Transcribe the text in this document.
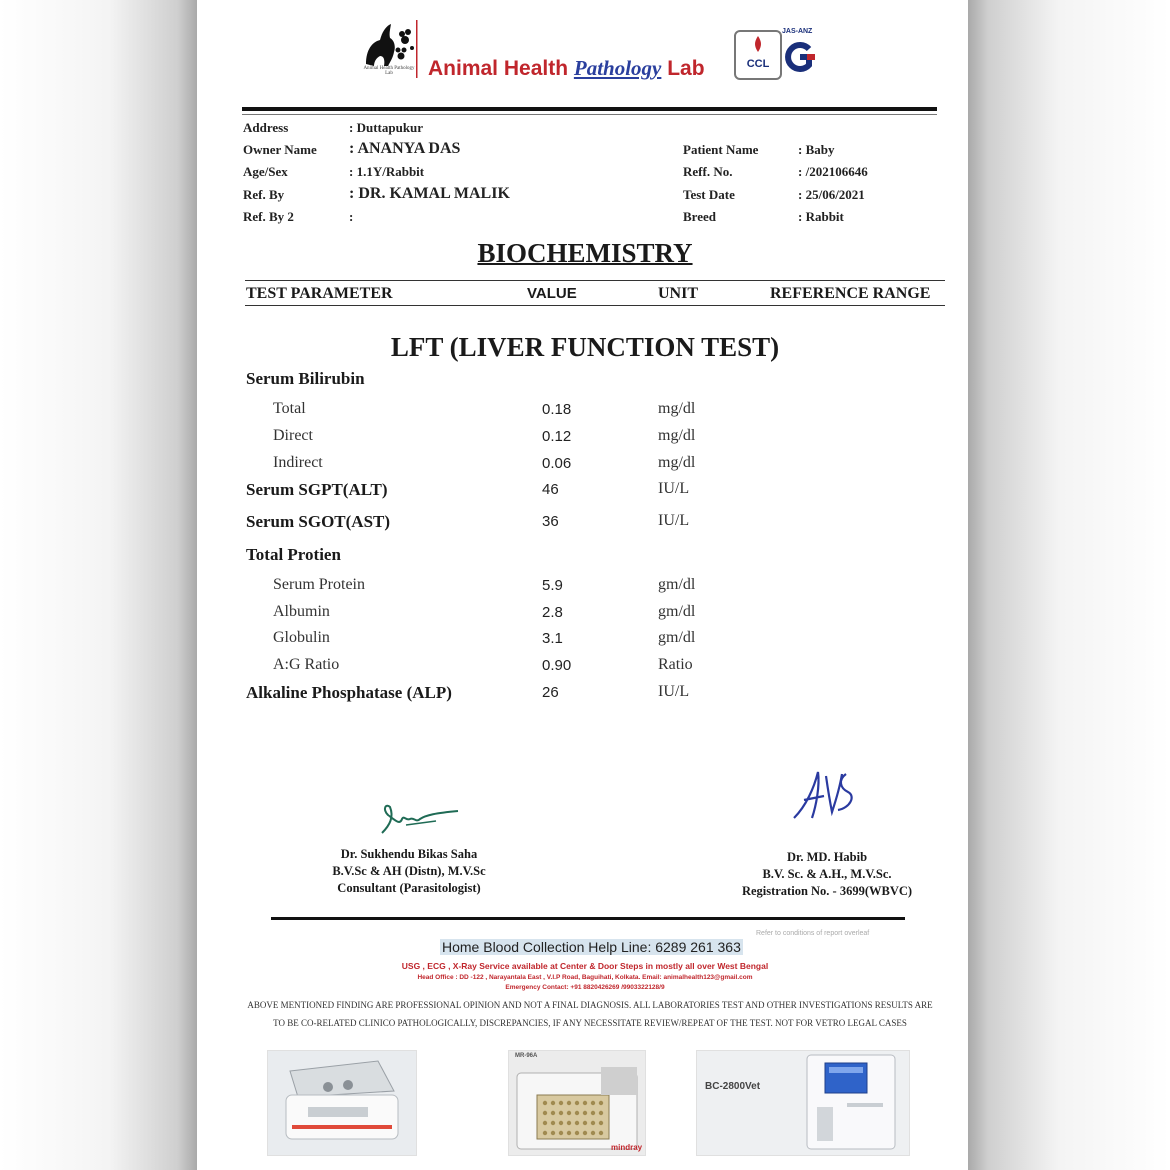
Animal Health Pathology Lab	Animal Health Pathology Lab	CCL
JAS-ANZ
Address	: Duttapukur
Owner Name : ANANYA DAS
Age/Sex	: 1.1Y/Rabbit
Ref. By	: DR. KAMAL MALIK
Ref. By 2	:
Patient Name	: Baby
Reff. No.	: /202106646
Test Date	: 25/06/2021
Breed	: Rabbit
BIOCHEMISTRY
TEST PARAMETER	VALUE	UNIT	REFERENCE RANGE
LFT (LIVER FUNCTION TEST)
Serum Bilirubin
Total	0.18	mg/dl
Direct	0.12	mg/dl
Indirect	0.06	mg/dl
Serum SGPT(ALT)	46	IU/L
Serum SGOT(AST)	36	IU/L
Total Protien
Serum Protein	5.9	gm/dl
Albumin	2.8	gm/dl
Globulin	3.1	gm/dl
A:G Ratio	0.90	Ratio
Alkaline Phosphatase (ALP)	26	IU/L
Dr. Sukhendu Bikas Saha
B.V.Sc & AH (Distn), M.V.Sc
Consultant (Parasitologist)
Dr. MD. Habib
B.V. Sc. & A.H., M.V.Sc.
Registration No. - 3699(WBVC)
Refer to conditions of report overleaf
Home Blood Collection Help Line: 6289 261 363
USG , ECG , X-Ray Service available at Center & Door Steps in mostly all over West Bengal
Head Office : DD -122 , Narayantala East , V.I.P Road, Baguihati, Kolkata. Email: animalhealth123@gmail.com
Emergency Contact: +91 8820426269 /9903322128/9
ABOVE MENTIONED FINDING ARE PROFESSIONAL OPINION AND NOT A FINAL DIAGNOSIS. ALL LABORATORIES TEST AND OTHER INVESTIGATIONS RESULTS ARE TO BE CO-RELATED CLINICO PATHOLOGICALLY, DISCREPANCIES, IF ANY NECESSITATE REVIEW/REPEAT OF THE TEST. NOT FOR VETRO LEGAL CASES
MR-96A
mindray
BC-2800Vet
